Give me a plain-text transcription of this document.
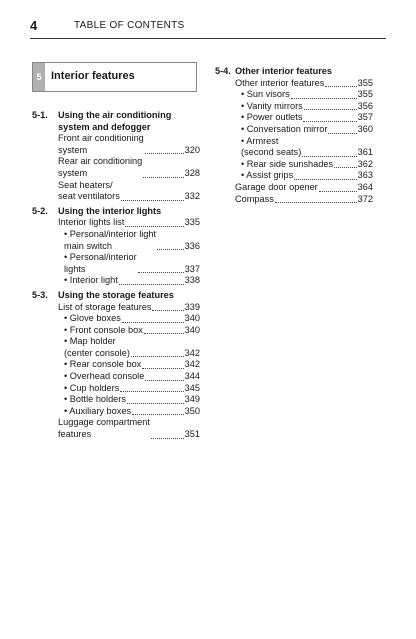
4	TABLE OF CONTENTS
5 Interior features
5-1.	Using the air conditioning system and defogger
Front air conditioning
system	320
Rear air conditioning
system	328
Seat heaters/
seat ventilators	332
5-2.	Using the interior lights
Interior lights list	335
• Personal/interior light
main switch	336
• Personal/interior
lights	337
• Interior light	338
5-3.	Using the storage features
List of storage features	339
• Glove boxes	340
• Front console box	340
• Map holder
(center console)	342
• Rear console box	342
• Overhead console	344
• Cup holders	345
• Bottle holders	349
• Auxiliary boxes	350
Luggage compartment
features	351
5-4. Other interior features
Other interior features	355
• Sun visors	355
• Vanity mirrors	356
• Power outlets	357
• Conversation mirror	360
• Armrest
(second seats)	361
• Rear side sunshades	362
• Assist grips	363
Garage door opener	364
Compass	372
